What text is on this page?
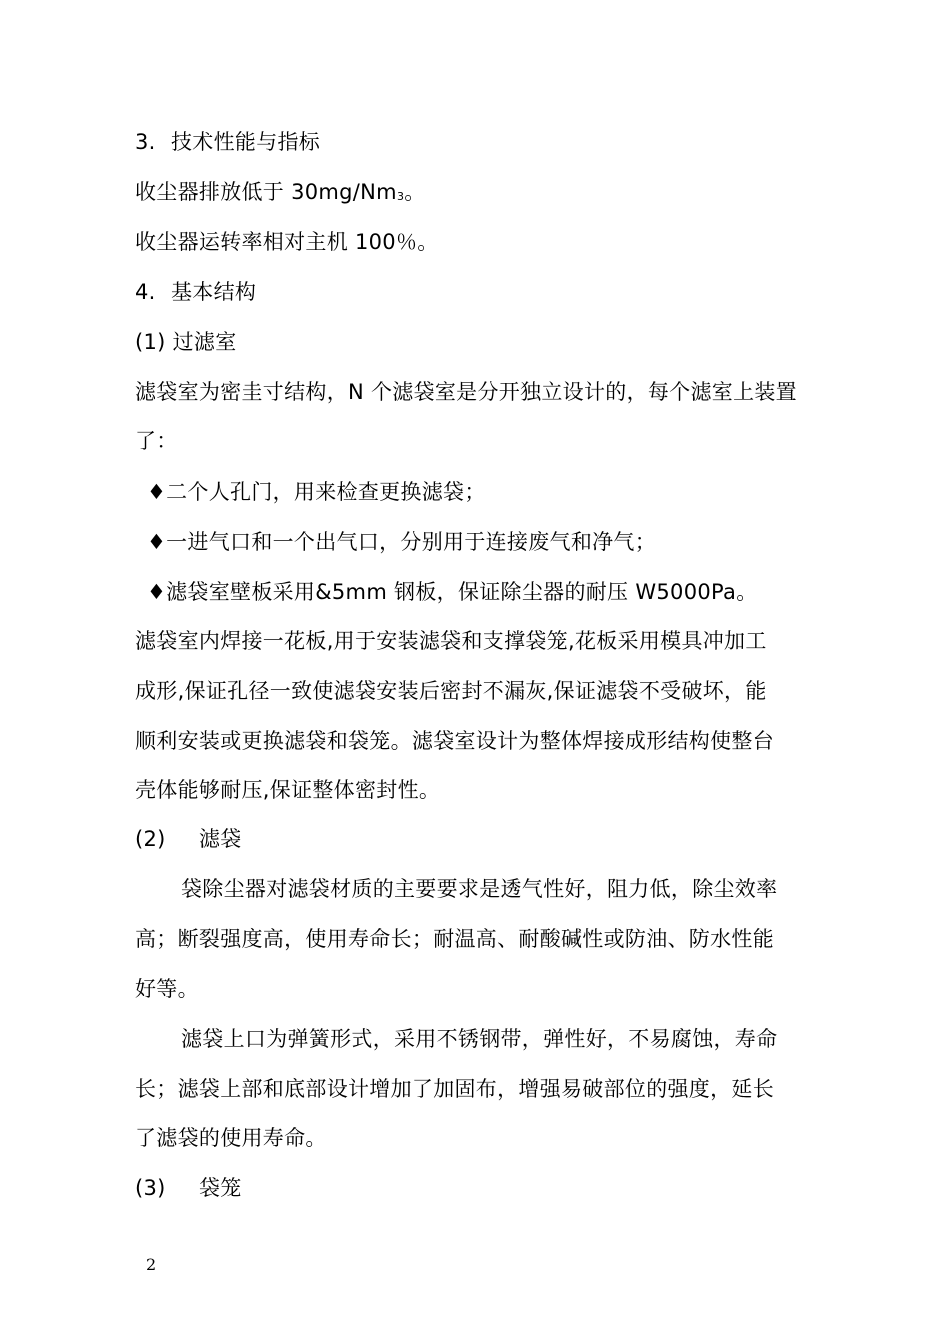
3. 技术性能与指标
收尘器排放低于 30mg/Nm3。
收尘器运转率相对主机 100％。
4. 基本结构
(1) 过滤室
滤袋室为密圭寸结构，N 个滤袋室是分开独立设计的，每个滤室上装置
了：
♦二个人孔门，用来检查更换滤袋；
♦一进气口和一个出气口，分别用于连接废气和净气；
♦滤袋室壁板采用&5mm 钢板，保证除尘器的耐压 W5000Pa。
滤袋室内焊接一花板,用于安装滤袋和支撑袋笼,花板采用模具冲加工
成形,保证孔径一致使滤袋安装后密封不漏灰,保证滤袋不受破坏，能
顺利安装或更换滤袋和袋笼。滤袋室设计为整体焊接成形结构使整台
壳体能够耐压,保证整体密封性。
(2) 滤袋
袋除尘器对滤袋材质的主要要求是透气性好，阻力低，除尘效率
高；断裂强度高，使用寿命长；耐温高、耐酸碱性或防油、防水性能
好等。
滤袋上口为弹簧形式，采用不锈钢带，弹性好，不易腐蚀，寿命
长；滤袋上部和底部设计增加了加固布，增强易破部位的强度，延长
了滤袋的使用寿命。
(3) 袋笼
2
